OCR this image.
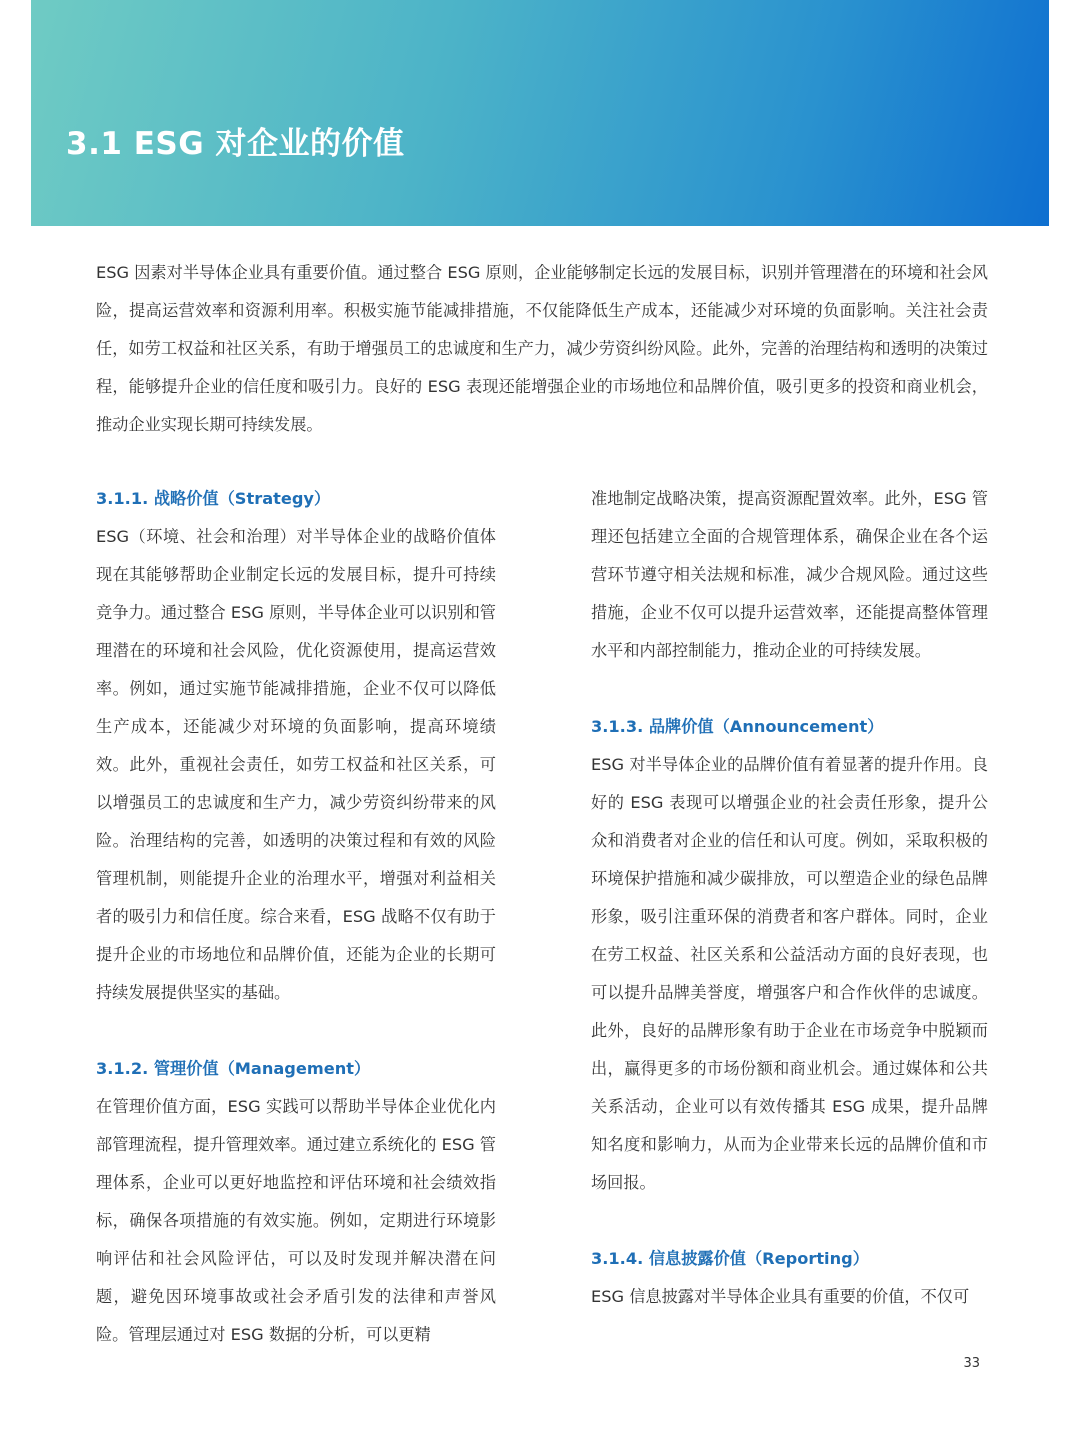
3.1 ESG 对企业的价值

ESG 因素对半导体企业具有重要价值。通过整合 ESG 原则，企业能够制定长远的发展目标，识别并管理潜在的环境和社会风险，提高运营效率和资源利用率。积极实施节能减排措施，不仅能降低生产成本，还能减少对环境的负面影响。关注社会责任，如劳工权益和社区关系，有助于增强员工的忠诚度和生产力，减少劳资纠纷风险。此外，完善的治理结构和透明的决策过程，能够提升企业的信任度和吸引力。良好的 ESG 表现还能增强企业的市场地位和品牌价值，吸引更多的投资和商业机会，推动企业实现长期可持续发展。

3.1.1. 战略价值（Strategy）

ESG（环境、社会和治理）对半导体企业的战略价值体现在其能够帮助企业制定长远的发展目标，提升可持续竞争力。通过整合 ESG 原则，半导体企业可以识别和管理潜在的环境和社会风险，优化资源使用，提高运营效率。例如，通过实施节能减排措施，企业不仅可以降低生产成本，还能减少对环境的负面影响，提高环境绩效。此外，重视社会责任，如劳工权益和社区关系，可以增强员工的忠诚度和生产力，减少劳资纠纷带来的风险。治理结构的完善，如透明的决策过程和有效的风险管理机制，则能提升企业的治理水平，增强对利益相关者的吸引力和信任度。综合来看，ESG 战略不仅有助于提升企业的市场地位和品牌价值，还能为企业的长期可持续发展提供坚实的基础。

3.1.2. 管理价值（Management）

在管理价值方面，ESG 实践可以帮助半导体企业优化内部管理流程，提升管理效率。通过建立系统化的 ESG 管理体系，企业可以更好地监控和评估环境和社会绩效指标，确保各项措施的有效实施。例如，定期进行环境影响评估和社会风险评估，可以及时发现并解决潜在问题，避免因环境事故或社会矛盾引发的法律和声誉风险。管理层通过对 ESG 数据的分析，可以更精

准地制定战略决策，提高资源配置效率。此外，ESG 管理还包括建立全面的合规管理体系，确保企业在各个运营环节遵守相关法规和标准，减少合规风险。通过这些措施，企业不仅可以提升运营效率，还能提高整体管理水平和内部控制能力，推动企业的可持续发展。

3.1.3. 品牌价值（Announcement）

ESG 对半导体企业的品牌价值有着显著的提升作用。良好的 ESG 表现可以增强企业的社会责任形象，提升公众和消费者对企业的信任和认可度。例如，采取积极的环境保护措施和减少碳排放，可以塑造企业的绿色品牌形象，吸引注重环保的消费者和客户群体。同时，企业在劳工权益、社区关系和公益活动方面的良好表现，也可以提升品牌美誉度，增强客户和合作伙伴的忠诚度。此外，良好的品牌形象有助于企业在市场竞争中脱颖而出，赢得更多的市场份额和商业机会。通过媒体和公共关系活动，企业可以有效传播其 ESG 成果，提升品牌知名度和影响力，从而为企业带来长远的品牌价值和市场回报。

3.1.4. 信息披露价值（Reporting）

ESG 信息披露对半导体企业具有重要的价值，不仅可

33
